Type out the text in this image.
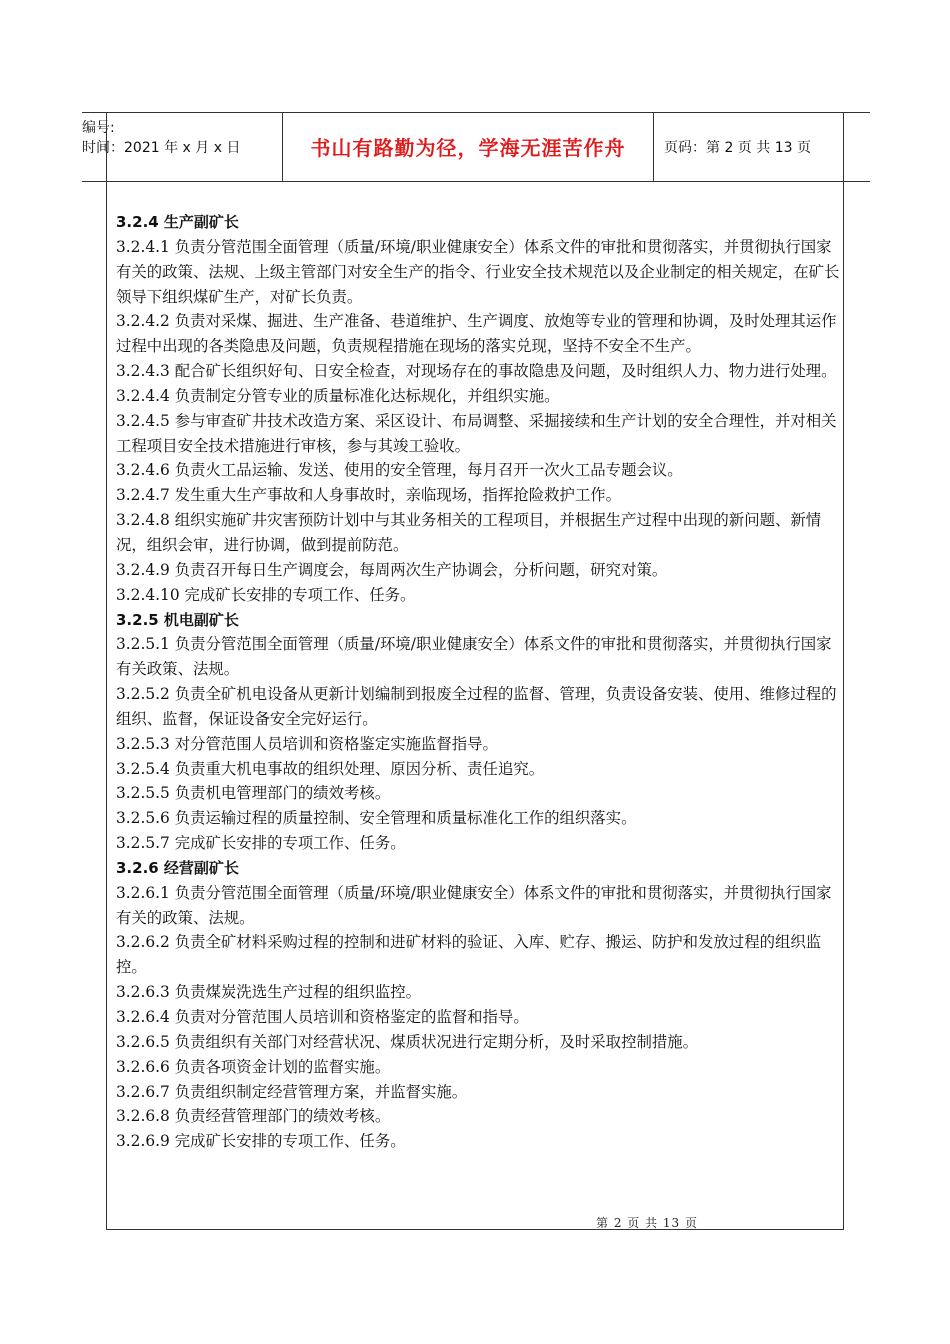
编号:
时间：2021 年 x 月 x 日	书山有路勤为径，学海无涯苦作舟	页码：第 2 页 共 13 页

3.2.4 生产副矿长

3.2.4.1 负责分管范围全面管理（质量/环境/职业健康安全）体系文件的审批和贯彻落实，并贯彻执行国家有关的政策、法规、上级主管部门对安全生产的指令、行业安全技术规范以及企业制定的相关规定，在矿长领导下组织煤矿生产，对矿长负责。

3.2.4.2 负责对采煤、掘进、生产准备、巷道维护、生产调度、放炮等专业的管理和协调，及时处理其运作过程中出现的各类隐患及问题，负责规程措施在现场的落实兑现，坚持不安全不生产。

3.2.4.3 配合矿长组织好旬、日安全检查，对现场存在的事故隐患及问题，及时组织人力、物力进行处理。

3.2.4.4 负责制定分管专业的质量标准化达标规化，并组织实施。

3.2.4.5 参与审查矿井技术改造方案、采区设计、布局调整、采掘接续和生产计划的安全合理性，并对相关工程项目安全技术措施进行审核，参与其竣工验收。

3.2.4.6 负责火工品运输、发送、使用的安全管理，每月召开一次火工品专题会议。

3.2.4.7 发生重大生产事故和人身事故时，亲临现场，指挥抢险救护工作。

3.2.4.8 组织实施矿井灾害预防计划中与其业务相关的工程项目，并根据生产过程中出现的新问题、新情况，组织会审，进行协调，做到提前防范。

3.2.4.9 负责召开每日生产调度会，每周两次生产协调会，分析问题，研究对策。

3.2.4.10 完成矿长安排的专项工作、任务。

3.2.5 机电副矿长

3.2.5.1 负责分管范围全面管理（质量/环境/职业健康安全）体系文件的审批和贯彻落实，并贯彻执行国家有关政策、法规。

3.2.5.2 负责全矿机电设备从更新计划编制到报废全过程的监督、管理，负责设备安装、使用、维修过程的组织、监督，保证设备安全完好运行。

3.2.5.3 对分管范围人员培训和资格鉴定实施监督指导。

3.2.5.4 负责重大机电事故的组织处理、原因分析、责任追究。

3.2.5.5 负责机电管理部门的绩效考核。

3.2.5.6 负责运输过程的质量控制、安全管理和质量标准化工作的组织落实。

3.2.5.7 完成矿长安排的专项工作、任务。

3.2.6 经营副矿长

3.2.6.1 负责分管范围全面管理（质量/环境/职业健康安全）体系文件的审批和贯彻落实，并贯彻执行国家有关的政策、法规。

3.2.6.2 负责全矿材料采购过程的控制和进矿材料的验证、入库、贮存、搬运、防护和发放过程的组织监控。

3.2.6.3 负责煤炭洗选生产过程的组织监控。

3.2.6.4 负责对分管范围人员培训和资格鉴定的监督和指导。

3.2.6.5 负责组织有关部门对经营状况、煤质状况进行定期分析，及时采取控制措施。

3.2.6.6 负责各项资金计划的监督实施。

3.2.6.7 负责组织制定经营管理方案，并监督实施。

3.2.6.8 负责经营管理部门的绩效考核。

3.2.6.9 完成矿长安排的专项工作、任务。

第 2 页 共 13 页
